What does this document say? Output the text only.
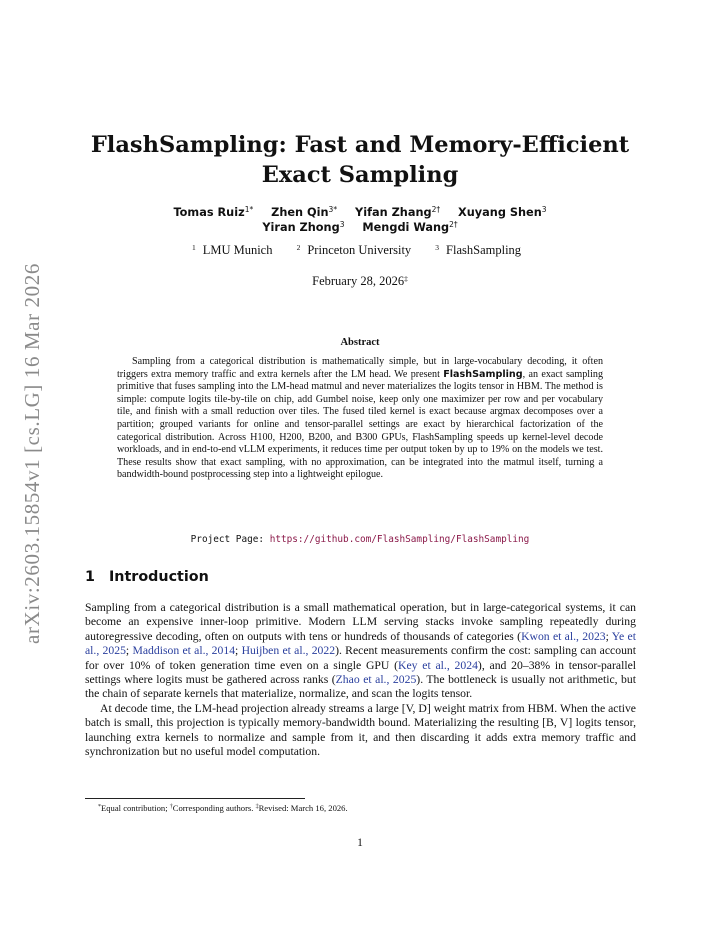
arXiv:2603.15854v1 [cs.LG] 16 Mar 2026
FlashSampling: Fast and Memory-Efficient Exact Sampling
Tomas Ruiz$^{1*}$ Zhen Qin$^{3*}$ Yifan Zhang$^{2\dagger}$ Xuyang Shen$^3$
Yiran Zhong$^3$ Mengdi Wang$^{2\dagger}$
$^1$ LMU Munich	$^2$ Princeton University	$^3$ FlashSampling
February 28, 2026‡
Abstract

Sampling from a categorical distribution is mathematically simple, but in large-vocabulary decoding, it often triggers extra memory traffic and extra kernels after the LM head. We present FlashSampling, an exact sampling primitive that fuses sampling into the LM-head matmul and never materializes the logits tensor in HBM. The method is simple: compute logits tile-by-tile on chip, add Gumbel noise, keep only one maximizer per row and per vocabulary tile, and finish with a small reduction over tiles. The fused tiled kernel is exact because argmax decomposes over a partition; grouped variants for online and tensor-parallel settings are exact by hierarchical factorization of the categorical distribution. Across H100, H200, B200, and B300 GPUs, FlashSampling speeds up kernel-level decode workloads, and in end-to-end vLLM experiments, it reduces time per output token by up to 19% on the models we test. These results show that exact sampling, with no approximation, can be integrated into the matmul itself, turning a bandwidth-bound postprocessing step into a lightweight epilogue.

Project Page: https://github.com/FlashSampling/FlashSampling
1 Introduction

Sampling from a categorical distribution is a small mathematical operation, but in large-categorical systems, it can become an expensive inner-loop primitive. Modern LLM serving stacks invoke sampling repeatedly during autoregressive decoding, often on outputs with tens or hundreds of thousands of categories (Kwon et al., 2023; Ye et al., 2025; Maddison et al., 2014; Huijben et al., 2022). Recent measurements confirm the cost: sampling can account for over 10% of token generation time even on a single GPU (Key et al., 2024), and 20–38% in tensor-parallel settings where logits must be gathered across ranks (Zhao et al., 2025). The bottleneck is usually not arithmetic, but the chain of separate kernels that materialize, normalize, and scan the logits tensor.

At decode time, the LM-head projection already streams a large [V, D] weight matrix from HBM. When the active batch is small, this projection is typically memory-bandwidth bound. Materializing the resulting [B, V] logits tensor, launching extra kernels to normalize and sample from it, and then discarding it adds extra memory traffic and synchronization but no useful model computation.

*Equal contribution; †Corresponding authors. ‡Revised: March 16, 2026.
1
